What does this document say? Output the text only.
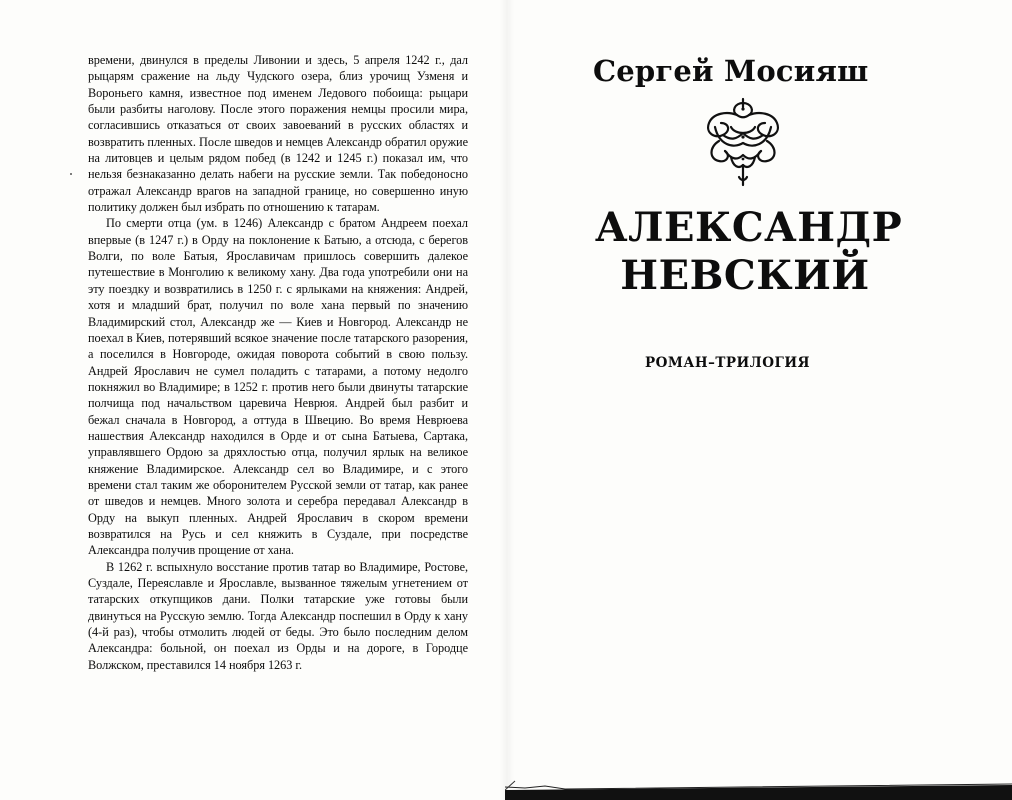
времени, двинулся в пределы Ливонии и здесь, 5 апреля 1242 г., дал рыцарям сражение на льду Чудского озера, близ урочищ Узменя и Вороньего камня, известное под именем Ледового побоища: рыцари были разбиты наголову. После этого поражения немцы просили мира, согласившись отказаться от своих завоеваний в русских областях и возвратить пленных. После шведов и немцев Александр обратил оружие на литовцев и целым рядом побед (в 1242 и 1245 г.) показал им, что нельзя безнаказанно делать набеги на русские земли. Так победоносно отражал Александр врагов на западной границе, но совершенно иную политику должен был избрать по отношению к татарам.

По смерти отца (ум. в 1246) Александр с братом Андреем поехал впервые (в 1247 г.) в Орду на поклонение к Батыю, а отсюда, с берегов Волги, по воле Батыя, Ярославичам пришлось совершить далекое путешествие в Монголию к великому хану. Два года употребили они на эту поездку и возвратились в 1250 г. с ярлыками на княжения: Андрей, хотя и младший брат, получил по воле хана первый по значению Владимирский стол, Александр же — Киев и Новгород. Александр не поехал в Киев, потерявший всякое значение после татарского разорения, а поселился в Новгороде, ожидая поворота событий в свою пользу. Андрей Ярославич не сумел поладить с татарами, а потому недолго покняжил во Владимире; в 1252 г. против него были двинуты татарские полчища под начальством царевича Неврюя. Андрей был разбит и бежал сначала в Новгород, а оттуда в Швецию. Во время Неврюева нашествия Александр находился в Орде и от сына Батыева, Сартака, управлявшего Ордою за дряхлостью отца, получил ярлык на великое княжение Владимирское. Александр сел во Владимире, и с этого времени стал таким же оборонителем Русской земли от татар, как ранее от шведов и немцев. Много золота и серебра передавал Александр в Орду на выкуп пленных. Андрей Ярославич в скором времени возвратился на Русь и сел княжить в Суздале, при посредстве Александра получив прощение от хана.

В 1262 г. вспыхнуло восстание против татар во Владимире, Ростове, Суздале, Переяславле и Ярославле, вызванное тяжелым угнетением от татарских откупщиков дани. Полки татарские уже готовы были двинуться на Русскую землю. Тогда Александр поспешил в Орду к хану (4-й раз), чтобы отмолить людей от беды. Это было последним делом Александра: больной, он поехал из Орды и на дороге, в Городце Волжском, преставился 14 ноября 1263 г.

Сергей Мосияш
АЛЕКСАНДР
НЕВСКИЙ
РОМАН–ТРИЛОГИЯ
